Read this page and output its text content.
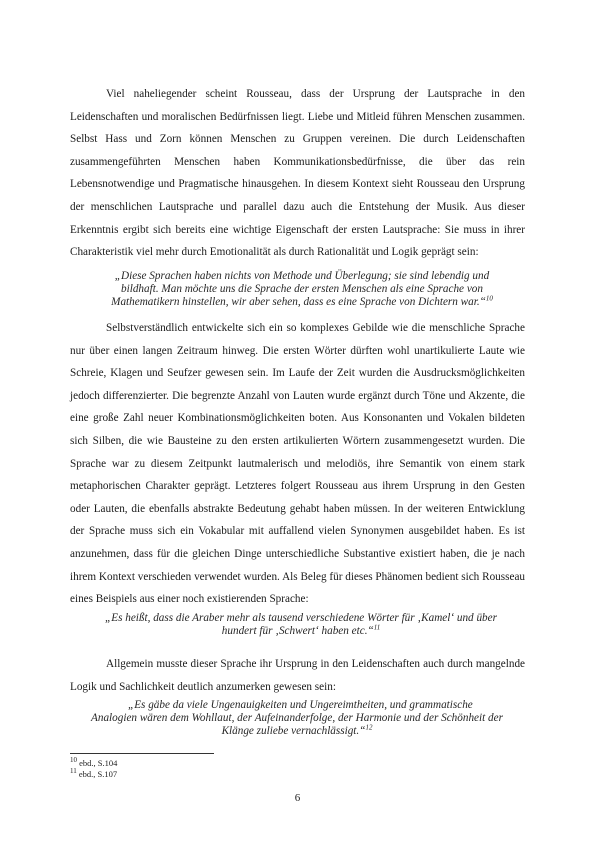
Viel naheliegender scheint Rousseau, dass der Ursprung der Lautsprache in den Leidenschaften und moralischen Bedürfnissen liegt. Liebe und Mitleid führen Menschen zusammen. Selbst Hass und Zorn können Menschen zu Gruppen vereinen. Die durch Leidenschaften zusammengeführten Menschen haben Kommunikationsbedürfnisse, die über das rein Lebensnotwendige und Pragmatische hinausgehen. In diesem Kontext sieht Rousseau den Ursprung der menschlichen Lautsprache und parallel dazu auch die Entstehung der Musik. Aus dieser Erkenntnis ergibt sich bereits eine wichtige Eigenschaft der ersten Lautsprache: Sie muss in ihrer Charakteristik viel mehr durch Emotionalität als durch Rationalität und Logik geprägt sein:

„Diese Sprachen haben nichts von Methode und Überlegung; sie sind lebendig und
bildhaft. Man möchte uns die Sprache der ersten Menschen als eine Sprache von
Mathematikern hinstellen, wir aber sehen, dass es eine Sprache von Dichtern war.“$^{10}$

Selbstverständlich entwickelte sich ein so komplexes Gebilde wie die menschliche Sprache nur über einen langen Zeitraum hinweg. Die ersten Wörter dürften wohl unartikulierte Laute wie Schreie, Klagen und Seufzer gewesen sein. Im Laufe der Zeit wurden die Ausdrucksmöglichkeiten jedoch differenzierter. Die begrenzte Anzahl von Lauten wurde ergänzt durch Töne und Akzente, die eine große Zahl neuer Kombinationsmöglichkeiten boten. Aus Konsonanten und Vokalen bildeten sich Silben, die wie Bausteine zu den ersten artikulierten Wörtern zusammengesetzt wurden. Die Sprache war zu diesem Zeitpunkt lautmalerisch und melodiös, ihre Semantik von einem stark metaphorischen Charakter geprägt. Letzteres folgert Rousseau aus ihrem Ursprung in den Gesten oder Lauten, die ebenfalls abstrakte Bedeutung gehabt haben müssen. In der weiteren Entwicklung der Sprache muss sich ein Vokabular mit auffallend vielen Synonymen ausgebildet haben. Es ist anzunehmen, dass für die gleichen Dinge unterschiedliche Substantive existiert haben, die je nach ihrem Kontext verschieden verwendet wurden. Als Beleg für dieses Phänomen bedient sich Rousseau eines Beispiels aus einer noch existierenden Sprache:

„Es heißt, dass die Araber mehr als tausend verschiedene Wörter für ‚Kamel‘ und über
hundert für ‚Schwert‘ haben etc.“$^{11}$

Allgemein musste dieser Sprache ihr Ursprung in den Leidenschaften auch durch mangelnde Logik und Sachlichkeit deutlich anzumerken gewesen sein:

„Es gäbe da viele Ungenauigkeiten und Ungereimtheiten, und grammatische
Analogien wären dem Wohllaut, der Aufeinanderfolge, der Harmonie und der Schönheit der
Klänge zuliebe vernachlässigt.“$^{12}$
$^{10}$ ebd., S.104
$^{11}$ ebd., S.107
6
